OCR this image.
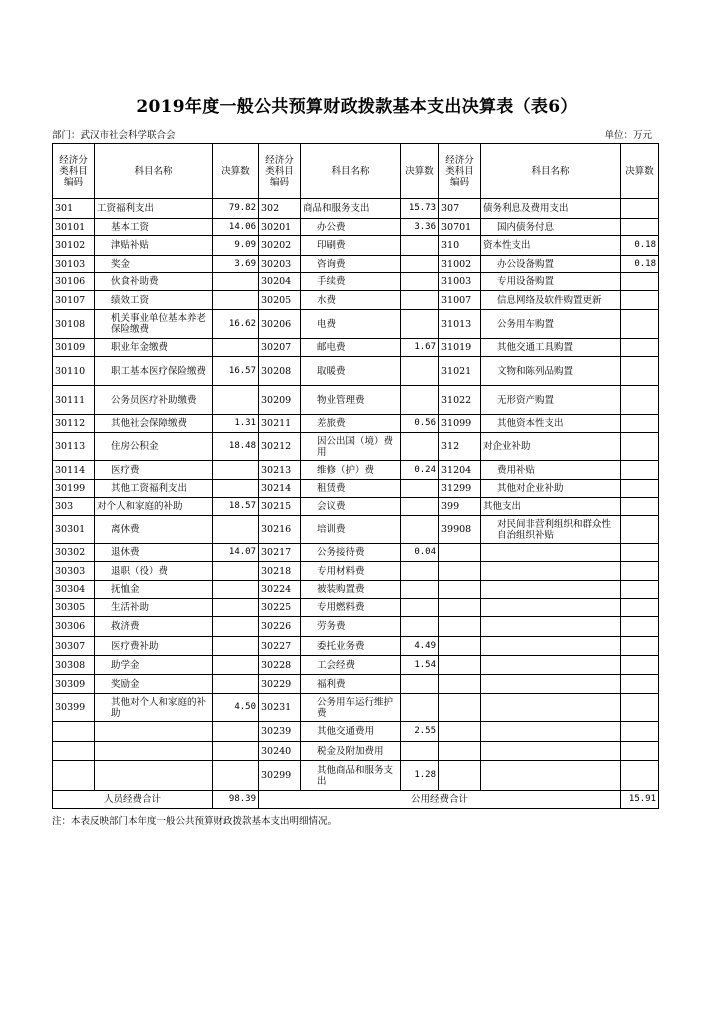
2019年度一般公共预算财政拨款基本支出决算表（表6）
部门：武汉市社会科学联合会	单位：万元
经济分类科目编码	科目名称	决算数	经济分类科目编码	科目名称	决算数	经济分类科目编码	科目名称	决算数
301	工资福利支出	79.82	302	商品和服务支出	15.73	307	债务利息及费用支出	
30101	基本工资	14.06	30201	办公费	3.36	30701	国内债务付息	
30102	津贴补贴	9.09	30202	印刷费		310	资本性支出	0.18
30103	奖金	3.69	30203	咨询费		31002	办公设备购置	0.18
30106	伙食补助费		30204	手续费		31003	专用设备购置	
30107	绩效工资		30205	水费		31007	信息网络及软件购置更新	
30108	机关事业单位基本养老保险缴费	16.62	30206	电费		31013	公务用车购置	
30109	职业年金缴费		30207	邮电费	1.67	31019	其他交通工具购置	
30110	职工基本医疗保险缴费	16.57	30208	取暖费		31021	文物和陈列品购置	
30111	公务员医疗补助缴费		30209	物业管理费		31022	无形资产购置	
30112	其他社会保障缴费	1.31	30211	差旅费	0.56	31099	其他资本性支出	
30113	住房公积金	18.48	30212	因公出国（境）费用		312	对企业补助	
30114	医疗费		30213	维修（护）费	0.24	31204	费用补贴	
30199	其他工资福利支出		30214	租赁费		31299	其他对企业补助	
303	对个人和家庭的补助	18.57	30215	会议费		399	其他支出	
30301	离休费		30216	培训费		39908	对民间非营利组织和群众性自治组织补贴	
30302	退休费	14.07	30217	公务接待费	0.04			
30303	退职（役）费		30218	专用材料费				
30304	抚恤金		30224	被装购置费				
30305	生活补助		30225	专用燃料费				
30306	救济费		30226	劳务费				
30307	医疗费补助		30227	委托业务费	4.49			
30308	助学金		30228	工会经费	1.54			
30309	奖励金		30229	福利费				
30399	其他对个人和家庭的补助	4.50	30231	公务用车运行维护费				
			30239	其他交通费用	2.55			
			30240	税金及附加费用				
			30299	其他商品和服务支出	1.28			
人员经费合计		98.39	公用经费合计					15.91
注：本表反映部门本年度一般公共预算财政拨款基本支出明细情况。
